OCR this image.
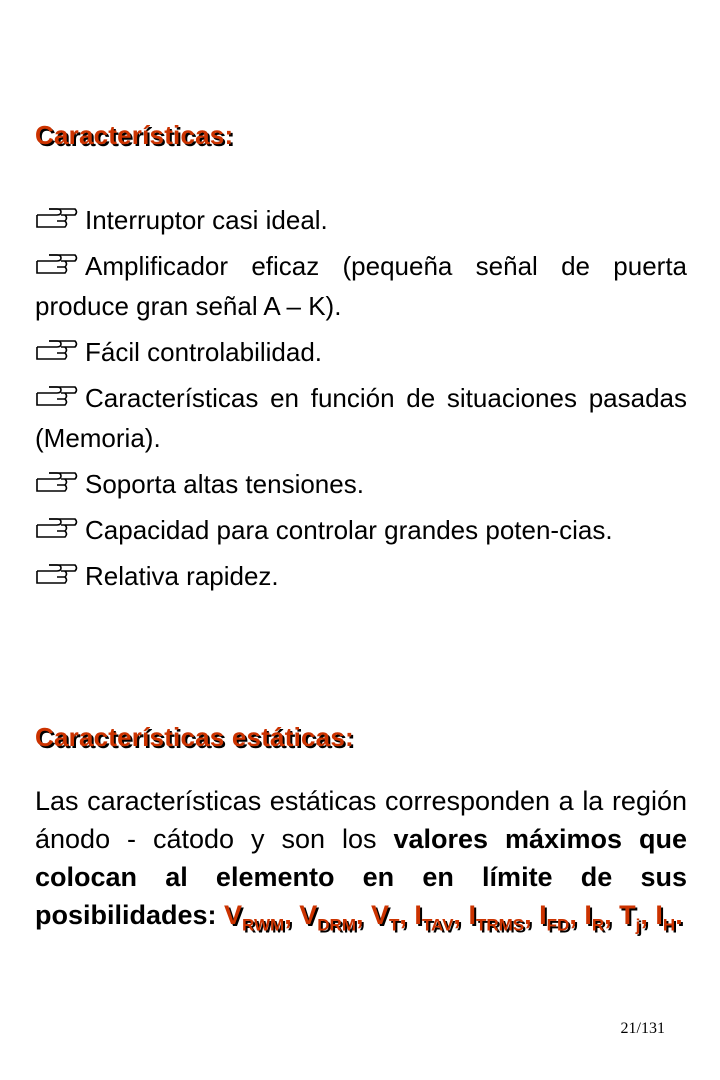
Características:
Interruptor casi ideal.
Amplificador eficaz (pequeña señal de puerta produce gran señal A – K).
Fácil controlabilidad.
Características en función de situaciones pasadas (Memoria).
Soporta altas tensiones.
Capacidad para controlar grandes poten-cias.
Relativa rapidez.
Características estáticas:

Las características estáticas corresponden a la región ánodo - cátodo y son los valores máximos que colocan al elemento en en límite de sus posibilidades: $V_{RWM}$, $V_{DRM}$, $V_T$, $I_{TAV}$, $I_{TRMS}$, $I_{FD}$, $I_R$, $T_j$, $I_H$.

21/131
